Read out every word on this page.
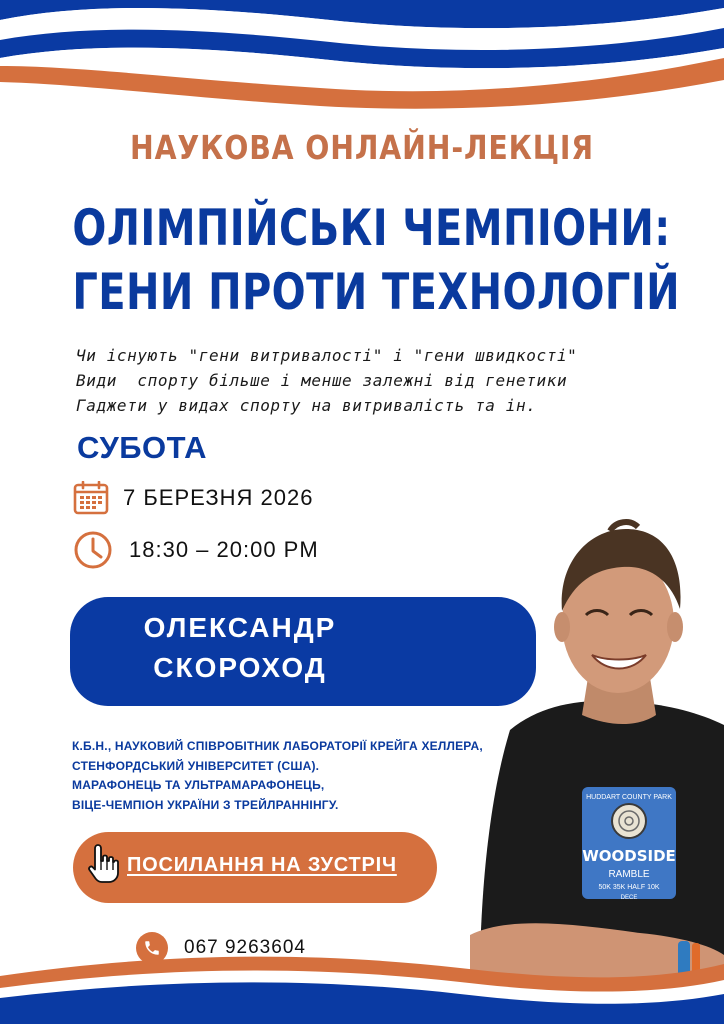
НАУКОВА ОНЛАЙН-ЛЕКЦІЯ
ОЛІМПІЙСЬКІ ЧЕМПІОНИ:
ГЕНИ ПРОТИ ТЕХНОЛОГІЙ
Чи існують "гени витривалості" і "гени швидкості"
Види  спорту більше і менше залежні від генетики
Гаджети у видах спорту на витривалість та ін.
СУБОТА
7 БЕРЕЗНЯ 2026
18:30 – 20:00 PM
ОЛЕКСАНДР
СКОРОХОД
HUDDART COUNTY PARK
WOODSIDE
RAMBLE
50K 35K HALF 10K
DECE
К.Б.Н., НАУКОВИЙ СПІВРОБІТНИК ЛАБОРАТОРІЇ КРЕЙГА ХЕЛЛЕРА,
СТЕНФОРДСЬКИЙ УНІВЕРСИТЕТ (США).
МАРАФОНЕЦЬ ТА УЛЬТРАМАРАФОНЕЦЬ,
ВІЦЕ-ЧЕМПІОН УКРАЇНИ З ТРЕЙЛРАННІНГУ.
ПОСИЛАННЯ НА ЗУСТРІЧ
067 9263604
